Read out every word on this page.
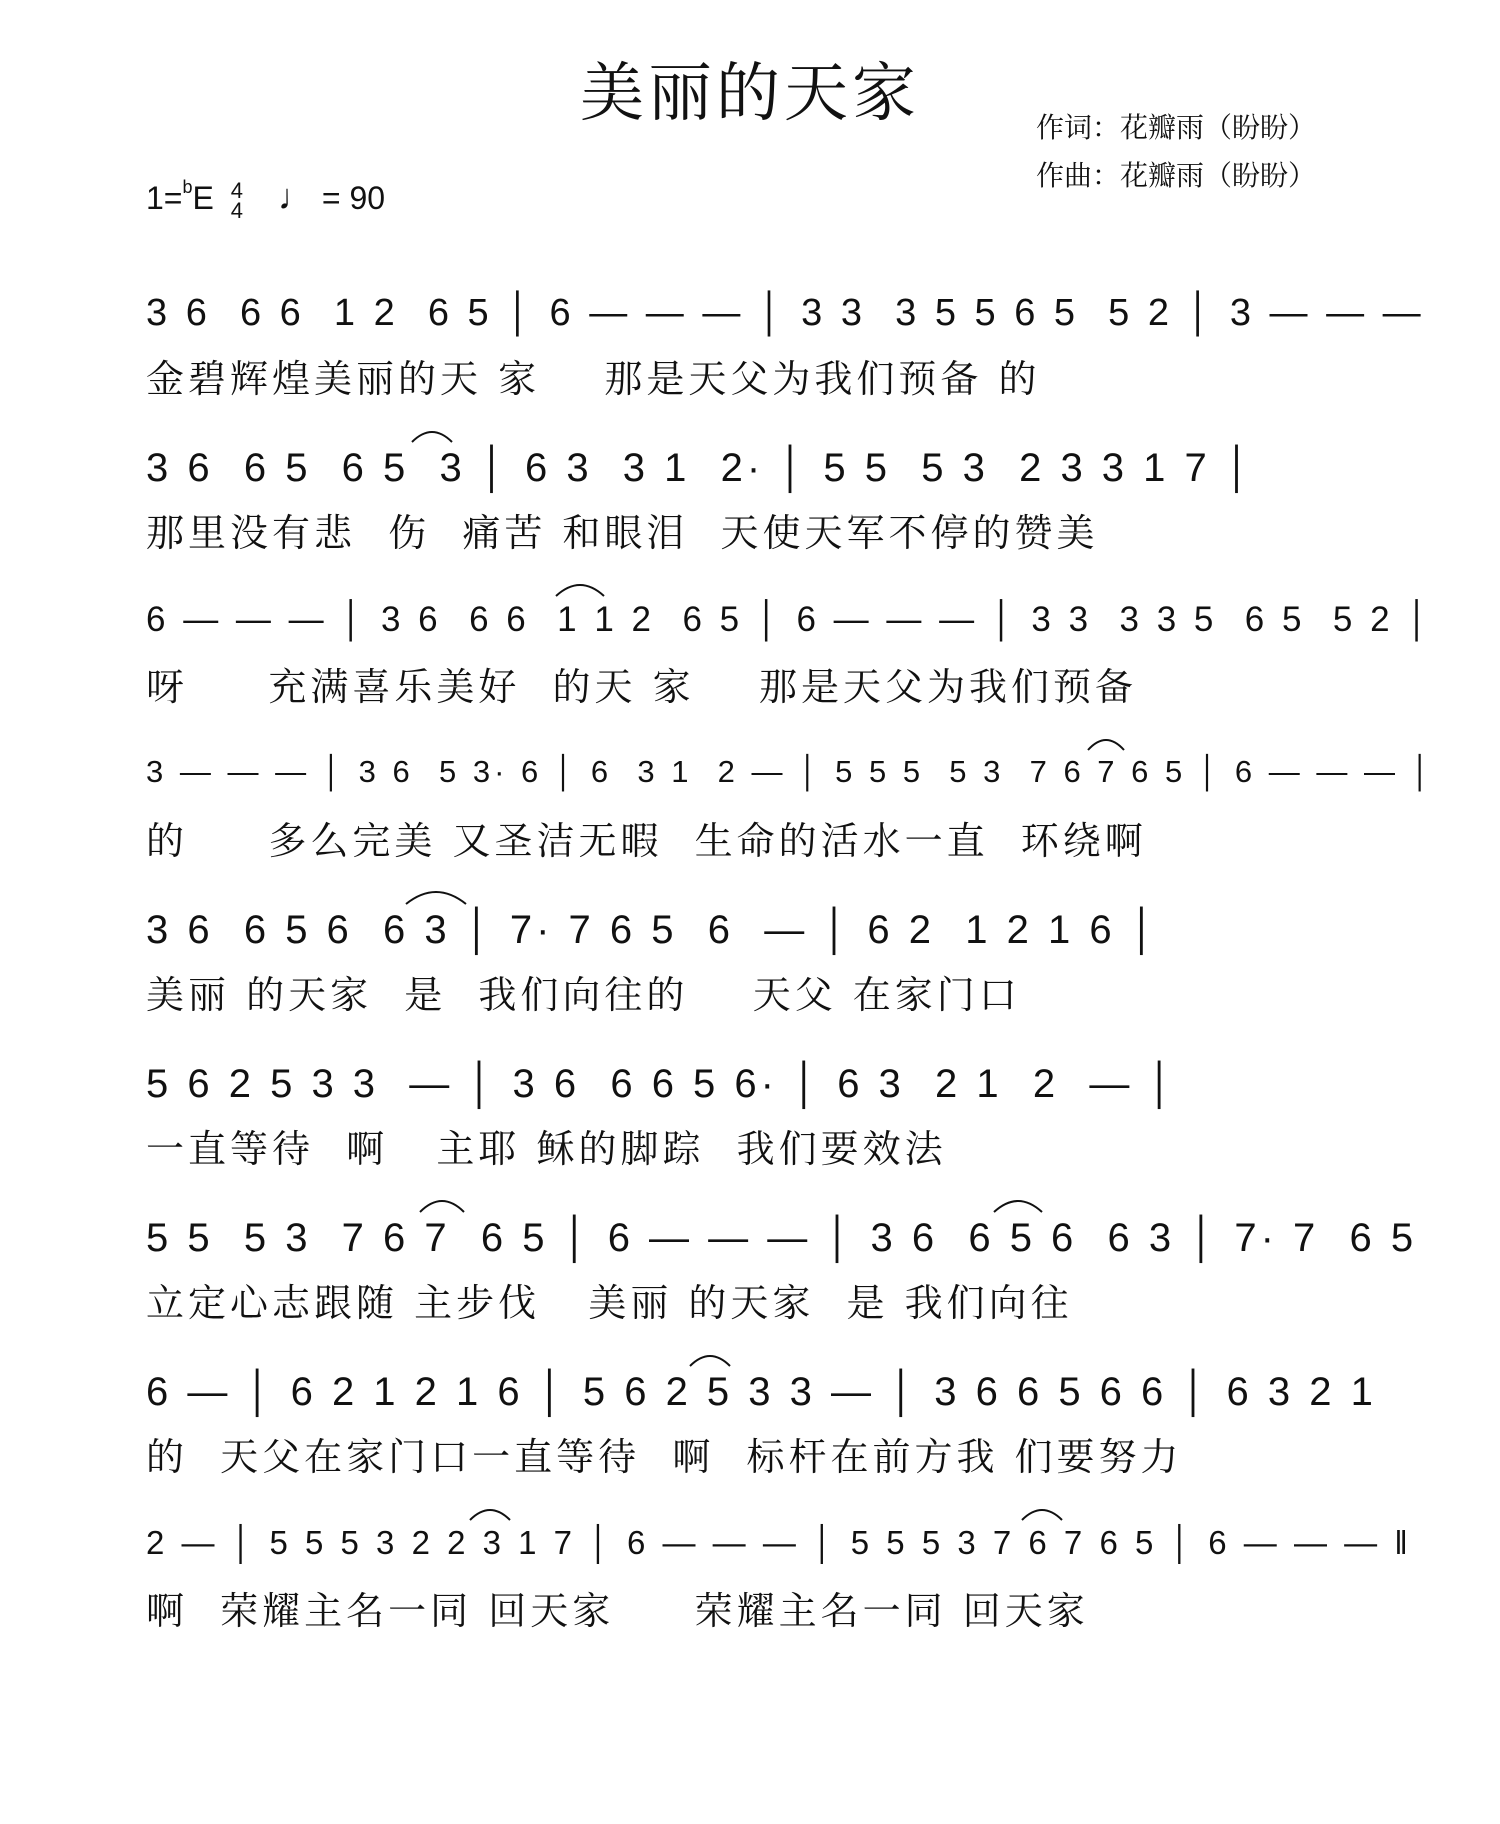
美丽的天家	作词：花瓣雨（盼盼）
作曲：花瓣雨（盼盼）
1=$^b$E 4
4 ♩ = 90
3 6  6 6  1 2  6 5 │ 6 — — — │ 3 3  3 5 5 6 5  5 2 │ 3 — — —
金碧辉煌美丽的天 家    那是天父为我们预备 的
3 6  6 5  6 5  3 │ 6 3  3 1  2· │ 5 5  5 3  2 3 3 1 7 │
那里没有悲  伤  痛苦 和眼泪  天使天军不停的赞美
6 — — — │ 3 6  6 6  1 1 2  6 5 │ 6 — — — │ 3 3  3 3 5  6 5  5 2 │
呀     充满喜乐美好  的天 家    那是天父为我们预备
3 — — — │ 3 6  5 3· 6 │ 6  3 1  2 — │ 5 5 5  5 3  7 6 7 6 5 │ 6 — — — │
的     多么完美 又圣洁无暇  生命的活水一直  环绕啊
3 6  6 5 6  6 3 │ 7· 7 6 5  6  — │ 6 2  1 2 1 6 │
美丽 的天家  是  我们向往的    天父 在家门口
5 6 2 5 3 3  — │ 3 6  6 6 5 6· │ 6 3  2 1  2  — │
一直等待  啊   主耶 稣的脚踪  我们要效法
5 5  5 3  7 6 7  6 5 │ 6 — — — │ 3 6  6 5 6  6 3 │ 7· 7  6 5
立定心志跟随 主步伐   美丽 的天家  是 我们向往
6 — │ 6 2 1 2 1 6 │ 5 6 2 5 3 3 — │ 3 6 6 5 6 6 │ 6 3 2 1
的  天父在家门口一直等待  啊  标杆在前方我 们要努力
2 — │ 5 5 5 3 2 2 3 1 7 │ 6 — — — │ 5 5 5 3 7 6 7 6 5 │ 6 — — — ‖
啊  荣耀主名一同 回天家     荣耀主名一同 回天家
